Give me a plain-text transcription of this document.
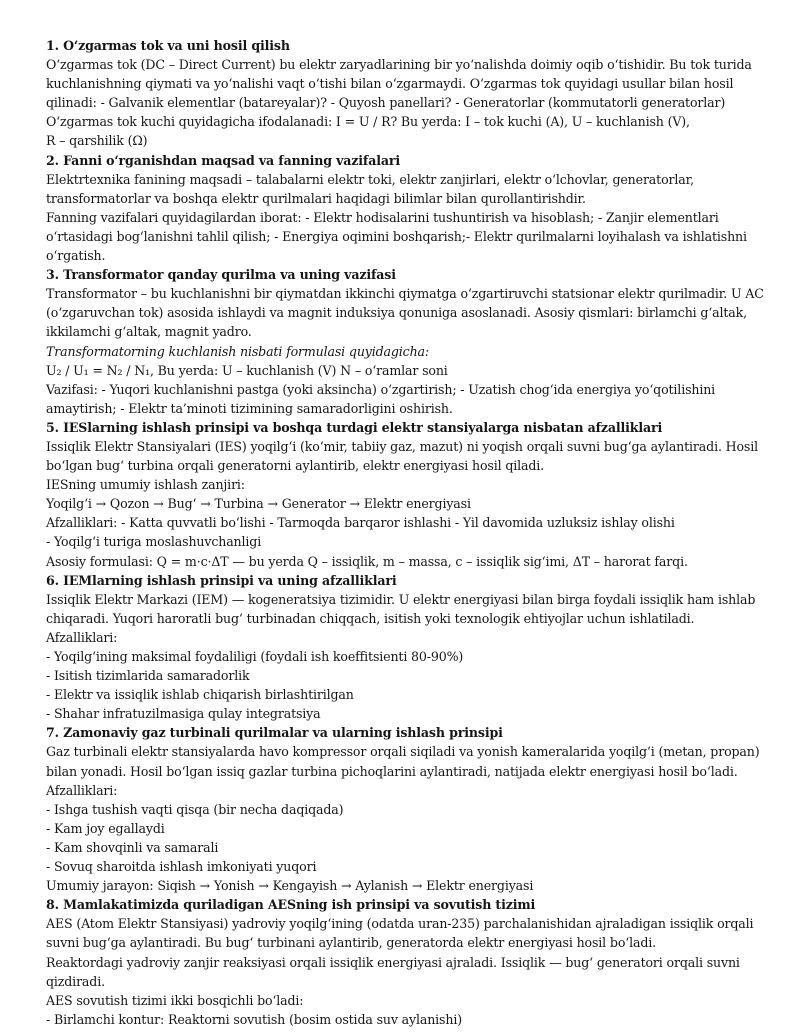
1. O‘zgarmas tok va uni hosil qilish

O‘zgarmas tok (DC – Direct Current) bu elektr zaryadlarining bir yo‘nalishda doimiy oqib o‘tishidir. Bu tok turida kuchlanishning qiymati va yo‘nalishi vaqt o‘tishi bilan o‘zgarmaydi. O‘zgarmas tok quyidagi usullar bilan hosil qilinadi: - Galvanik elementlar (batareyalar)? - Quyosh panellari? - Generatorlar (kommutatorli generatorlar)

O‘zgarmas tok kuchi quyidagicha ifodalanadi: I = U / R? Bu yerda: I – tok kuchi (A), U – kuchlanish (V),

R – qarshilik (Ω)

2. Fanni o‘rganishdan maqsad va fanning vazifalari

Elektrtexnika fanining maqsadi – talabalarni elektr toki, elektr zanjirlari, elektr o‘lchovlar, generatorlar, transformatorlar va boshqa elektr qurilmalari haqidagi bilimlar bilan qurollantirishdir.

Fanning vazifalari quyidagilardan iborat: - Elektr hodisalarini tushuntirish va hisoblash; - Zanjir elementlari o‘rtasidagi bog‘lanishni tahlil qilish; - Energiya oqimini boshqarish;- Elektr qurilmalarni loyihalash va ishlatishni o‘rgatish.

3. Transformator qanday qurilma va uning vazifasi

Transformator – bu kuchlanishni bir qiymatdan ikkinchi qiymatga o‘zgartiruvchi statsionar elektr qurilmadir. U AC (o‘zgaruvchan tok) asosida ishlaydi va magnit induksiya qonuniga asoslanadi. Asosiy qismlari: birlamchi g‘altak, ikkilamchi g‘altak, magnit yadro.

Transformatorning kuchlanish nisbati formulasi quyidagicha:

U₂ / U₁ = N₂ / N₁, Bu yerda: U – kuchlanish (V) N – o‘ramlar soni

Vazifasi: - Yuqori kuchlanishni pastga (yoki aksincha) o‘zgartirish; - Uzatish chog‘ida energiya yo‘qotilishini amaytirish; - Elektr ta’minoti tizimining samaradorligini oshirish.

5. IESlarning ishlash prinsipi va boshqa turdagi elektr stansiyalarga nisbatan afzalliklari

Issiqlik Elektr Stansiyalari (IES) yoqilg‘i (ko‘mir, tabiiy gaz, mazut) ni yoqish orqali suvni bug‘ga aylantiradi. Hosil bo‘lgan bug‘ turbina orqali generatorni aylantirib, elektr energiyasi hosil qiladi.

IESning umumiy ishlash zanjiri:

Yoqilg‘i → Qozon → Bug‘ → Turbina → Generator → Elektr energiyasi

Afzalliklari: - Katta quvvatli bo‘lishi - Tarmoqda barqaror ishlashi - Yil davomida uzluksiz ishlay olishi

- Yoqilg‘i turiga moslashuvchanligi

Asosiy formulasi: Q = m·c·ΔT — bu yerda Q – issiqlik, m – massa, c – issiqlik sig‘imi, ΔT – harorat farqi.

6. IEMlarning ishlash prinsipi va uning afzalliklari

Issiqlik Elektr Markazi (IEM) — kogeneratsiya tizimidir. U elektr energiyasi bilan birga foydali issiqlik ham ishlab chiqaradi. Yuqori haroratli bug‘ turbinadan chiqqach, isitish yoki texnologik ehtiyojlar uchun ishlatiladi.

Afzalliklari:

- Yoqilg‘ining maksimal foydaliligi (foydali ish koeffitsienti 80-90%)

- Isitish tizimlarida samaradorlik

- Elektr va issiqlik ishlab chiqarish birlashtirilgan

- Shahar infratuzilmasiga qulay integratsiya

7. Zamonaviy gaz turbinali qurilmalar va ularning ishlash prinsipi

Gaz turbinali elektr stansiyalarda havo kompressor orqali siqiladi va yonish kameralarida yoqilg‘i (metan, propan) bilan yonadi. Hosil bo‘lgan issiq gazlar turbina pichoqlarini aylantiradi, natijada elektr energiyasi hosil bo‘ladi.

Afzalliklari:

- Ishga tushish vaqti qisqa (bir necha daqiqada)

- Kam joy egallaydi

- Kam shovqinli va samarali

- Sovuq sharoitda ishlash imkoniyati yuqori

Umumiy jarayon: Siqish → Yonish → Kengayish → Aylanish → Elektr energiyasi

8. Mamlakatimizda quriladigan AESning ish prinsipi va sovutish tizimi

AES (Atom Elektr Stansiyasi) yadroviy yoqilg‘ining (odatda uran-235) parchalanishidan ajraladigan issiqlik orqali suvni bug‘ga aylantiradi. Bu bug‘ turbinani aylantirib, generatorda elektr energiyasi hosil bo‘ladi.

Reaktordagi yadroviy zanjir reaksiyasi orqali issiqlik energiyasi ajraladi. Issiqlik — bug‘ generatori orqali suvni qizdiradi.

AES sovutish tizimi ikki bosqichli bo‘ladi:

- Birlamchi kontur: Reaktorni sovutish (bosim ostida suv aylanishi)
